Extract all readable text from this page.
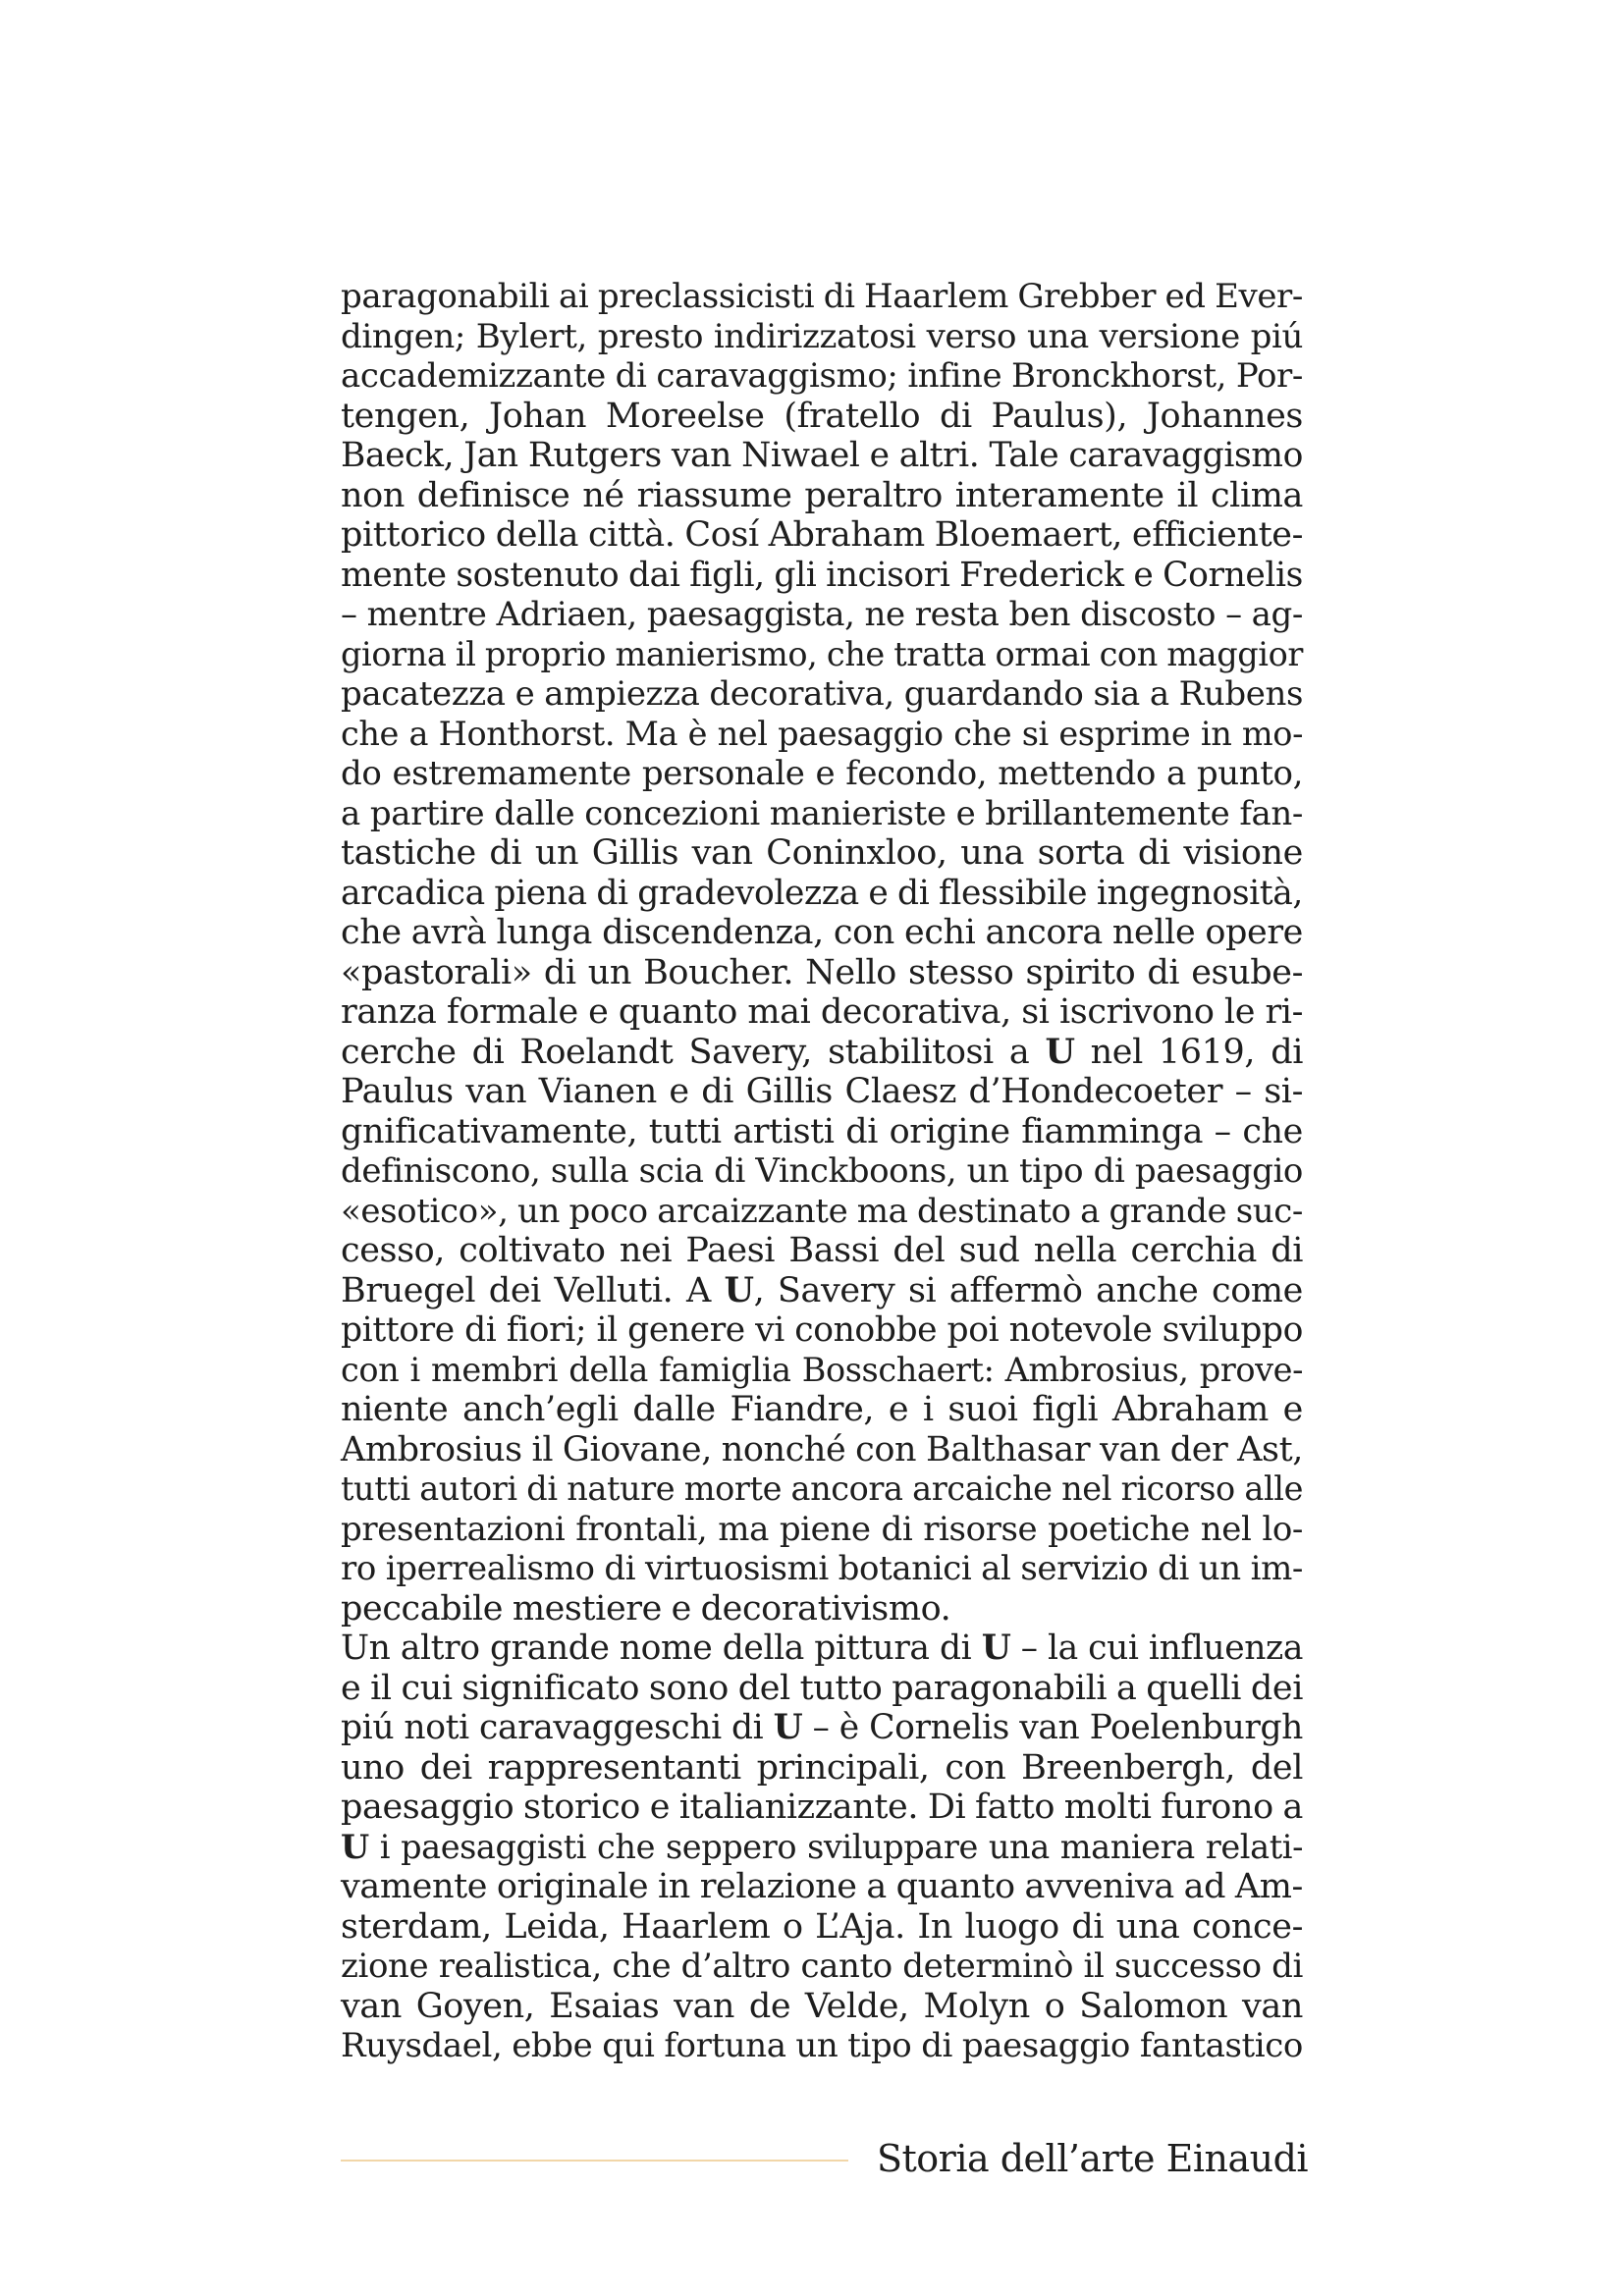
paragonabili ai preclassicisti di Haarlem Grebber ed Ever-
dingen; Bylert, presto indirizzatosi verso una versione piú
accademizzante di caravaggismo; infine Bronckhorst, Por-
tengen, Johan Moreelse (fratello di Paulus), Johannes
Baeck, Jan Rutgers van Niwael e altri. Tale caravaggismo
non definisce né riassume peraltro interamente il clima
pittorico della città. Cosí Abraham Bloemaert, efficiente-
mente sostenuto dai figli, gli incisori Frederick e Cornelis
– mentre Adriaen, paesaggista, ne resta ben discosto – ag-
giorna il proprio manierismo, che tratta ormai con maggior
pacatezza e ampiezza decorativa, guardando sia a Rubens
che a Honthorst. Ma è nel paesaggio che si esprime in mo-
do estremamente personale e fecondo, mettendo a punto,
a partire dalle concezioni manieriste e brillantemente fan-
tastiche di un Gillis van Coninxloo, una sorta di visione
arcadica piena di gradevolezza e di flessibile ingegnosità,
che avrà lunga discendenza, con echi ancora nelle opere
«pastorali» di un Boucher. Nello stesso spirito di esube-
ranza formale e quanto mai decorativa, si iscrivono le ri-
cerche di Roelandt Savery, stabilitosi a U nel 1619, di
Paulus van Vianen e di Gillis Claesz d’Hondecoeter – si-
gnificativamente, tutti artisti di origine fiamminga – che
definiscono, sulla scia di Vinckboons, un tipo di paesaggio
«esotico», un poco arcaizzante ma destinato a grande suc-
cesso, coltivato nei Paesi Bassi del sud nella cerchia di
Bruegel dei Velluti. A U, Savery si affermò anche come
pittore di fiori; il genere vi conobbe poi notevole sviluppo
con i membri della famiglia Bosschaert: Ambrosius, prove-
niente anch’egli dalle Fiandre, e i suoi figli Abraham e
Ambrosius il Giovane, nonché con Balthasar van der Ast,
tutti autori di nature morte ancora arcaiche nel ricorso alle
presentazioni frontali, ma piene di risorse poetiche nel lo-
ro iperrealismo di virtuosismi botanici al servizio di un im-
peccabile mestiere e decorativismo.
Un altro grande nome della pittura di U – la cui influenza
e il cui significato sono del tutto paragonabili a quelli dei
piú noti caravaggeschi di U – è Cornelis van Poelenburgh
uno dei rappresentanti principali, con Breenbergh, del
paesaggio storico e italianizzante. Di fatto molti furono a
U i paesaggisti che seppero sviluppare una maniera relati-
vamente originale in relazione a quanto avveniva ad Am-
sterdam, Leida, Haarlem o L’Aja. In luogo di una conce-
zione realistica, che d’altro canto determinò il successo di
van Goyen, Esaias van de Velde, Molyn o Salomon van
Ruysdael, ebbe qui fortuna un tipo di paesaggio fantastico
Storia dell’arte Einaudi
